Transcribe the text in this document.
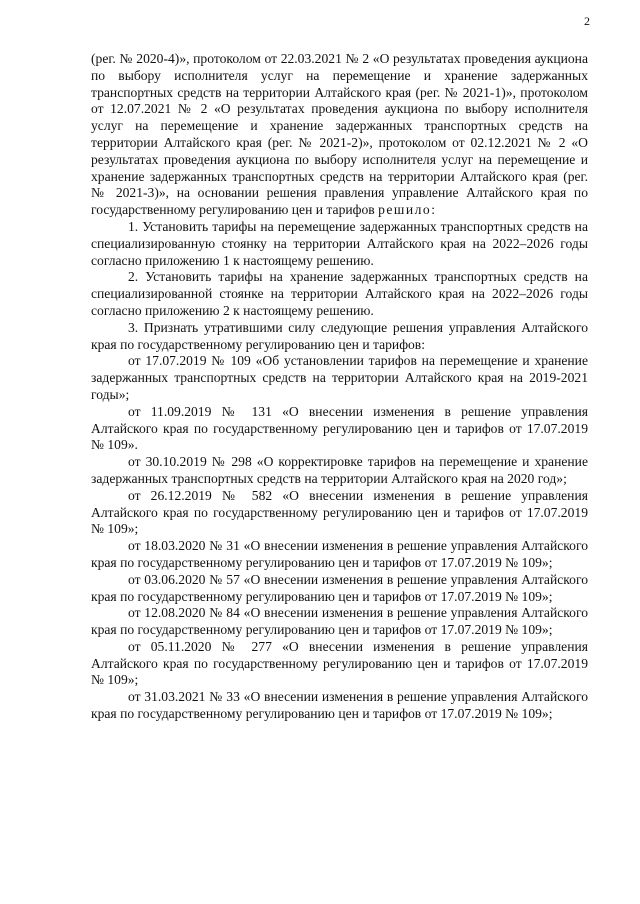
2

(рег. № 2020-4)», протоколом от 22.03.2021 № 2 «О результатах проведения аукциона по выбору исполнителя услуг на перемещение и хранение задержанных транспортных средств на территории Алтайского края (рег. № 2021-1)», протоколом от 12.07.2021 № 2 «О результатах проведения аукциона по выбору исполнителя услуг на перемещение и хранение задержанных транспортных средств на территории Алтайского края (рег. № 2021-2)», протоколом от 02.12.2021 № 2 «О результатах проведения аукциона по выбору исполнителя услуг на перемещение и хранение задержанных транспортных средств на территории Алтайского края (рег. № 2021-3)», на основании решения правления управление Алтайского края по государственному регулированию цен и тарифов решило:

1. Установить тарифы на перемещение задержанных транспортных средств на специализированную стоянку на территории Алтайского края на 2022–2026 годы согласно приложению 1 к настоящему решению.

2. Установить тарифы на хранение задержанных транспортных средств на специализированной стоянке на территории Алтайского края на 2022–2026 годы согласно приложению 2 к настоящему решению.

3. Признать утратившими силу следующие решения управления Алтайского края по государственному регулированию цен и тарифов:

от 17.07.2019 № 109 «Об установлении тарифов на перемещение и хранение задержанных транспортных средств на территории Алтайского края на 2019-2021 годы»;

от 11.09.2019 № 131 «О внесении изменения в решение управления Алтайского края по государственному регулированию цен и тарифов от 17.07.2019 № 109».

от 30.10.2019 № 298 «О корректировке тарифов на перемещение и хранение задержанных транспортных средств на территории Алтайского края на 2020 год»;

от 26.12.2019 № 582 «О внесении изменения в решение управления Алтайского края по государственному регулированию цен и тарифов от 17.07.2019 № 109»;

от 18.03.2020 № 31 «О внесении изменения в решение управления Алтайского края по государственному регулированию цен и тарифов от 17.07.2019 № 109»;

от 03.06.2020 № 57 «О внесении изменения в решение управления Алтайского края по государственному регулированию цен и тарифов от 17.07.2019 № 109»;

от 12.08.2020 № 84 «О внесении изменения в решение управления Алтайского края по государственному регулированию цен и тарифов от 17.07.2019 № 109»;

от 05.11.2020 № 277 «О внесении изменения в решение управления Алтайского края по государственному регулированию цен и тарифов от 17.07.2019 № 109»;

от 31.03.2021 № 33 «О внесении изменения в решение управления Алтайского края по государственному регулированию цен и тарифов от 17.07.2019 № 109»;
